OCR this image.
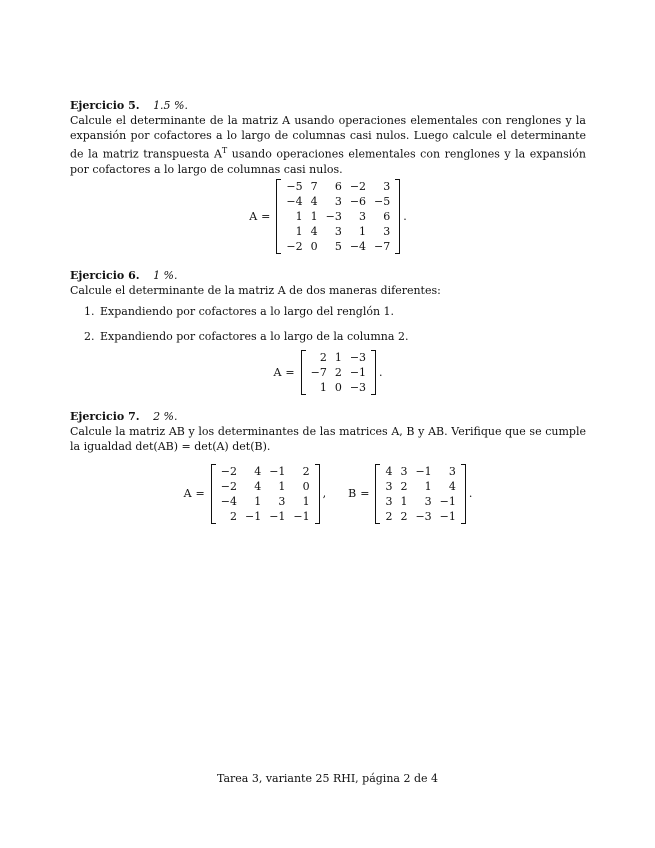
Ejercicio 5. 1.5 %.

Calcule el determinante de la matriz A usando operaciones elementales con renglones y la expansión por cofactores a lo largo de columnas casi nulos. Luego calcule el determinante de la matriz transpuesta $A^T$ usando operaciones elementales con renglones y la expansión por cofactores a lo largo de columnas casi nulos.

A =
−5	7	6	−2	3
−4	4	3	−6	−5
1	1	−3	3	6
1	4	3	1	3
−2	0	5	−4	−7
.
Ejercicio 6. 1 %.

Calcule el determinante de la matriz A de dos maneras diferentes:

1. Expandiendo por cofactores a lo largo del renglón 1.
2. Expandiendo por cofactores a lo largo de la columna 2.
A =
2	1	−3
−7	2	−1
1	0	−3
.
Ejercicio 7. 2 %.

Calcule la matriz AB y los determinantes de las matrices A, B y AB. Verifique que se cumple la igualdad det(AB) = det(A) det(B).

A =
−2	4	−1	2
−2	4	1	0
−4	1	3	1
2	−1	−1	−1
, B =
4	3	−1	3
3	2	1	4
3	1	3	−1
2	2	−3	−1
.
Tarea 3, variante 25 RHI, página 2 de 4
